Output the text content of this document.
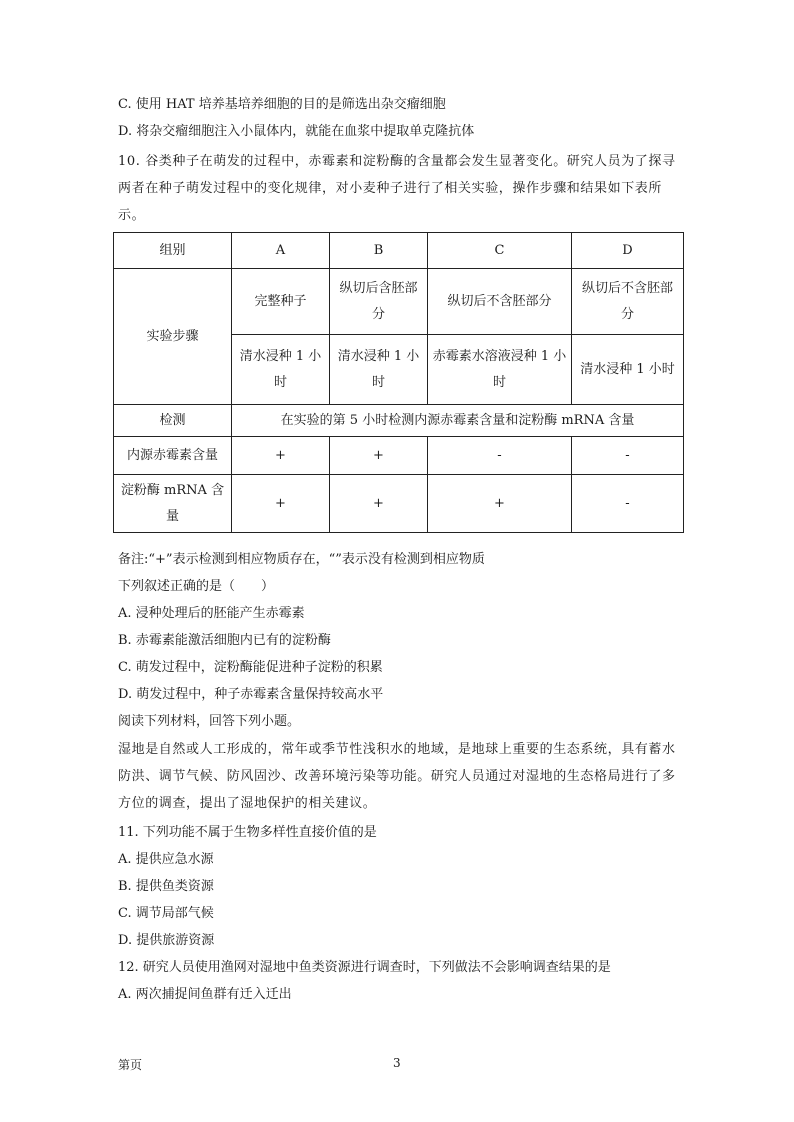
C. 使用 HAT 培养基培养细胞的目的是筛选出杂交瘤细胞
D. 将杂交瘤细胞注入小鼠体内，就能在血浆中提取单克隆抗体
10. 谷类种子在萌发的过程中，赤霉素和淀粉酶的含量都会发生显著变化。研究人员为了探寻两者在种子萌发过程中的变化规律，对小麦种子进行了相关实验，操作步骤和结果如下表所示。
组别	A	B	C	D
实验步骤	完整种子	纵切后含胚部分	纵切后不含胚部分	纵切后不含胚部分
	清水浸种 1 小时	清水浸种 1 小时	赤霉素水溶液浸种 1 小时	清水浸种 1 小时
检测	在实验的第 5 小时检测内源赤霉素含量和淀粉酶 mRNA 含量			
内源赤霉素含量	+	+	-	-
淀粉酶 mRNA 含量	+	+	+	-
备注:“+”表示检测到相应物质存在，“”表示没有检测到相应物质
下列叙述正确的是（　　）
A. 浸种处理后的胚能产生赤霉素
B. 赤霉素能激活细胞内已有的淀粉酶
C. 萌发过程中，淀粉酶能促进种子淀粉的积累
D. 萌发过程中，种子赤霉素含量保持较高水平
阅读下列材料，回答下列小题。
湿地是自然或人工形成的，常年或季节性浅积水的地域，是地球上重要的生态系统，具有蓄水防洪、调节气候、防风固沙、改善环境污染等功能。研究人员通过对湿地的生态格局进行了多方位的调查，提出了湿地保护的相关建议。
11. 下列功能不属于生物多样性直接价值的是
A. 提供应急水源
B. 提供鱼类资源
C. 调节局部气候
D. 提供旅游资源
12. 研究人员使用渔网对湿地中鱼类资源进行调查时，下列做法不会影响调查结果的是
A. 两次捕捉间鱼群有迁入迁出
第页	3
